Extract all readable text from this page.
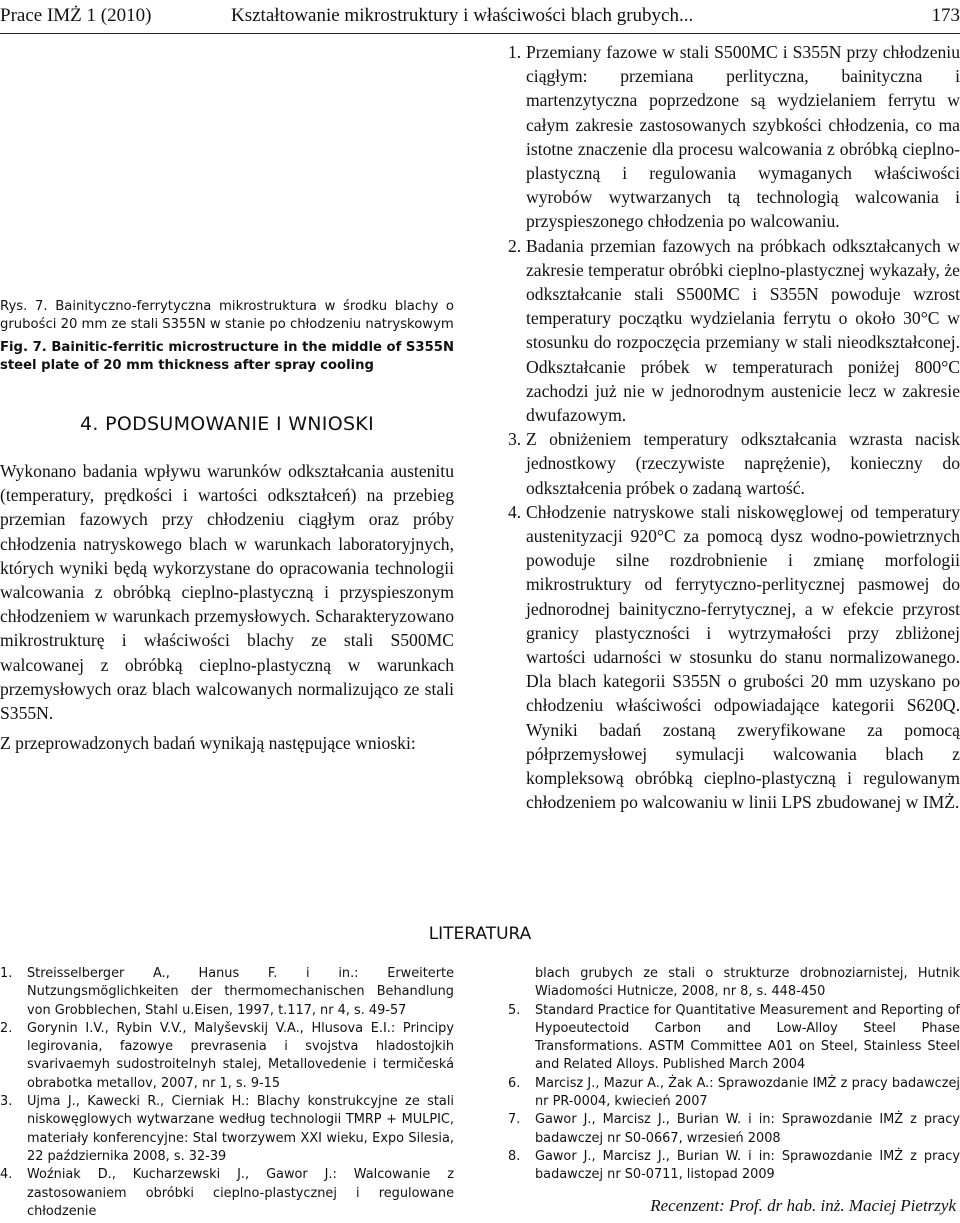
Prace IMŻ 1 (2010)	Kształtowanie mikrostruktury i właściwości blach grubych...	173

Rys. 7. Bainityczno-ferrytyczna mikrostruktura w środku blachy o grubości 20 mm ze stali S355N w stanie po chłodzeniu natryskowym

Fig. 7. Bainitic-ferritic microstructure in the middle of S355N steel plate of 20 mm thickness after spray cooling

4. PODSUMOWANIE I WNIOSKI

Wykonano badania wpływu warunków odkształcania austenitu (temperatury, prędkości i wartości odkształceń) na przebieg przemian fazowych przy chłodzeniu ciągłym oraz próby chłodzenia natryskowego blach w warunkach laboratoryjnych, których wyniki będą wykorzystane do opracowania technologii walcowania z obróbką cieplno-plastyczną i przyspieszonym chłodzeniem w warunkach przemysłowych. Scharakteryzowano mikrostrukturę i właściwości blachy ze stali S500MC walcowanej z obróbką cieplno-plastyczną w warunkach przemysłowych oraz blach walcowanych normalizująco ze stali S355N.

Z przeprowadzonych badań wynikają następujące wnioski:

1. Przemiany fazowe w stali S500MC i S355N przy chłodzeniu ciągłym: przemiana perlityczna, bainityczna i martenzytyczna poprzedzone są wydzielaniem ferrytu w całym zakresie zastosowanych szybkości chłodzenia, co ma istotne znaczenie dla procesu walcowania z obróbką cieplno-plastyczną i regulowania wymaganych właściwości wyrobów wytwarzanych tą technologią walcowania i przyspieszonego chłodzenia po walcowaniu.
2. Badania przemian fazowych na próbkach odkształcanych w zakresie temperatur obróbki cieplno-plastycznej wykazały, że odkształcanie stali S500MC i S355N powoduje wzrost temperatury początku wydzielania ferrytu o około 30°C w stosunku do rozpoczęcia przemiany w stali nieodkształconej. Odkształcanie próbek w temperaturach poniżej 800°C zachodzi już nie w jednorodnym austenicie lecz w zakresie dwufazowym.
3. Z obniżeniem temperatury odkształcania wzrasta nacisk jednostkowy (rzeczywiste naprężenie), konieczny do odkształcenia próbek o zadaną wartość.
4. Chłodzenie natryskowe stali niskowęglowej od temperatury austenityzacji 920°C za pomocą dysz wodno-powietrznych powoduje silne rozdrobnienie i zmianę morfologii mikrostruktury od ferrytyczno-perlitycznej pasmowej do jednorodnej bainityczno-ferrytycznej, a w efekcie przyrost granicy plastyczności i wytrzymałości przy zbliżonej wartości udarności w stosunku do stanu normalizowanego. Dla blach kategorii S355N o grubości 20 mm uzyskano po chłodzeniu właściwości odpowiadające kategorii S620Q. Wyniki badań zostaną zweryfikowane za pomocą półprzemysłowej symulacji walcowania blach z kompleksową obróbką cieplno-plastyczną i regulowanym chłodzeniem po walcowaniu w linii LPS zbudowanej w IMŻ.
LITERATURA
1. Streisselberger A., Hanus F. i in.: Erweiterte Nutzungsmöglichkeiten der thermomechanischen Behandlung von Grobblechen, Stahl u.Eisen, 1997, t.117, nr 4, s. 49-57
2. Gorynin I.V., Rybin V.V., Malyševskij V.A., Hlusova E.I.: Principy legirovania, fazowye prevrasenia i svojstva hladostojkih svarivaemyh sudostroitelnyh stalej, Metallovedenie i termičeská obrabotka metallov, 2007, nr 1, s. 9-15
3. Ujma J., Kawecki R., Cierniak H.: Blachy konstrukcyjne ze stali niskowęglowych wytwarzane według technologii TMRP + MULPIC, materiały konferencyjne: Stal tworzywem XXI wieku, Expo Silesia, 22 października 2008, s. 32-39
4. Woźniak D., Kucharzewski J., Gawor J.: Walcowanie z zastosowaniem obróbki cieplno-plastycznej i regulowane chłodzenie
blach grubych ze stali o strukturze drobnoziarnistej, Hutnik Wiadomości Hutnicze, 2008, nr 8, s. 448-450
5. Standard Practice for Quantitative Measurement and Reporting of Hypoeutectoid Carbon and Low-Alloy Steel Phase Transformations. ASTM Committee A01 on Steel, Stainless Steel and Related Alloys. Published March 2004
6. Marcisz J., Mazur A., Żak A.: Sprawozdanie IMŻ z pracy badawczej nr PR-0004, kwiecień 2007
7. Gawor J., Marcisz J., Burian W. i in: Sprawozdanie IMŻ z pracy badawczej nr S0-0667, wrzesień 2008
8. Gawor J., Marcisz J., Burian W. i in: Sprawozdanie IMŻ z pracy badawczej nr S0-0711, listopad 2009
Recenzent: Prof. dr hab. inż. Maciej Pietrzyk
